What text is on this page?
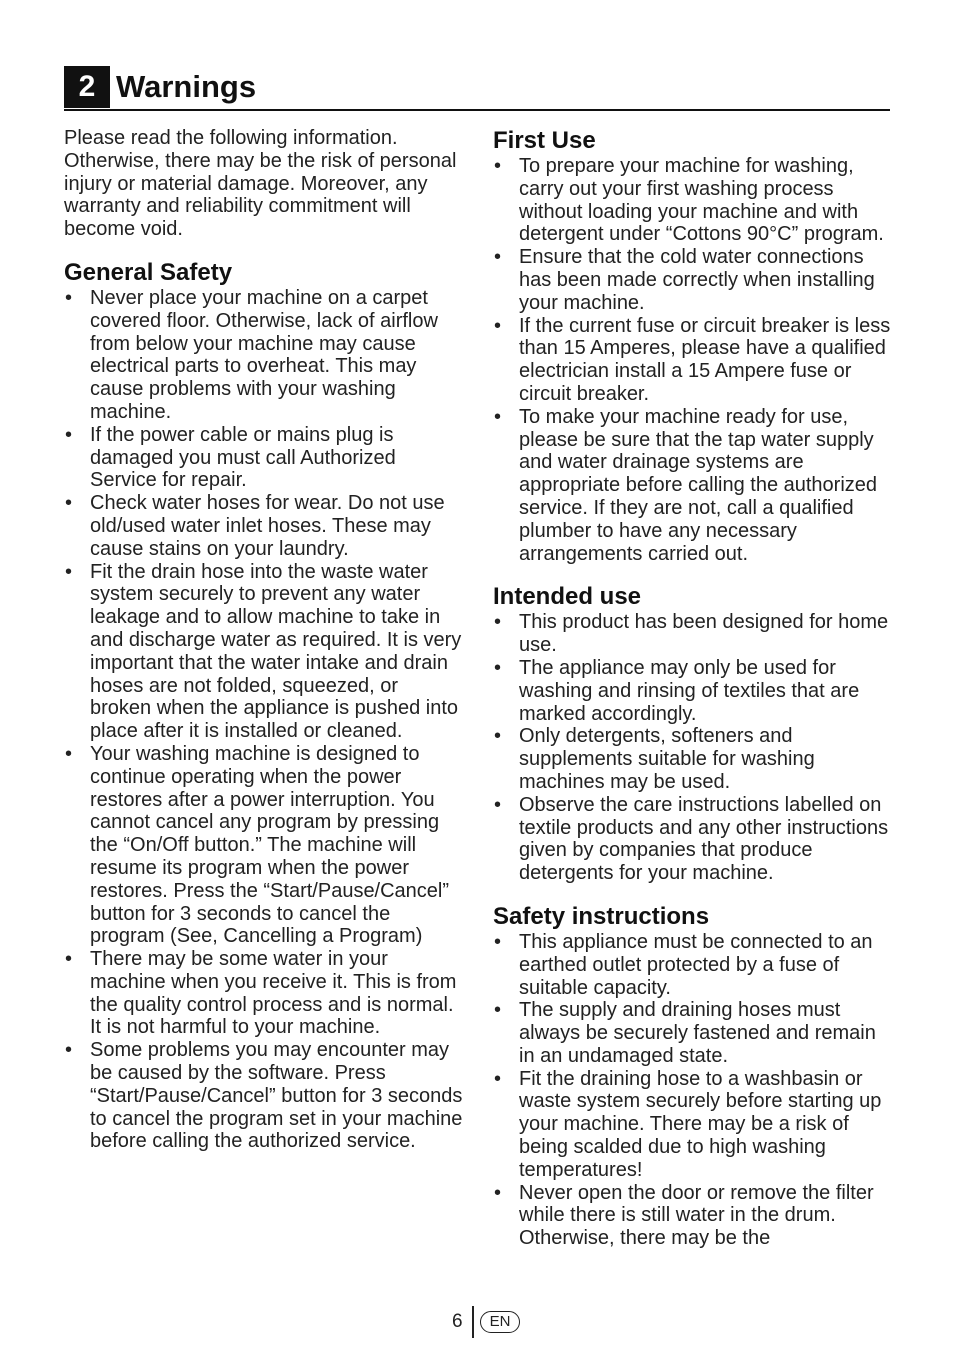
2 Warnings

Please read the following information. Otherwise, there may be the risk of personal injury or material damage. Moreover, any warranty and reliability commitment will become void.

General Safety
• Never place your machine on a carpet covered floor. Otherwise, lack of airflow from below your machine may cause electrical parts to overheat. This may cause problems with your washing machine.
• If the power cable or mains plug is damaged you must call Authorized Service for repair.
• Check water hoses for wear. Do not use old/used water inlet hoses. These may cause stains on your laundry.
• Fit the drain hose into the waste water system securely to prevent any water leakage and to allow machine to take in and discharge water as required. It is very important that the water intake and drain hoses are not folded, squeezed, or broken when the appliance is pushed into place after it is installed or cleaned.
• Your washing machine is designed to continue operating when the power restores after a power interruption. You cannot cancel any program by pressing the “On/Off button.” The machine will resume its program when the power restores. Press the “Start/Pause/Cancel” button for 3 seconds to cancel the program (See, Cancelling a Program)
• There may be some water in your machine when you receive it. This is from the quality control process and is normal. It is not harmful to your machine.
• Some problems you may encounter may be caused by the software. Press “Start/Pause/Cancel” button for 3 seconds to cancel the program set in your machine before calling the authorized service.
First Use
• To prepare your machine for washing, carry out your first washing process without loading your machine and with detergent under “Cottons 90°C” program.
• Ensure that the cold water connections has been made correctly when installing your machine.
• If the current fuse or circuit breaker is less than 15 Amperes, please have a qualified electrician install a 15 Ampere fuse or circuit breaker.
• To make your machine ready for use, please be sure that the tap water supply and water drainage systems are appropriate before calling the authorized service. If they are not, call a qualified plumber to have any necessary arrangements carried out.
Intended use
• This product has been designed for home use.
• The appliance may only be used for washing and rinsing of textiles that are marked accordingly.
• Only detergents, softeners and supplements suitable for washing machines may be used.
• Observe the care instructions labelled on textile products and any other instructions given by companies that produce detergents for your machine.
Safety instructions
• This appliance must be connected to an earthed outlet protected by a fuse of suitable capacity.
• The supply and draining hoses must always be securely fastened and remain in an undamaged state.
• Fit the draining hose to a washbasin or waste system securely before starting up your machine. There may be a risk of being scalded due to high washing temperatures!
• Never open the door or remove the filter while there is still water in the drum. Otherwise, there may be the
6	EN
